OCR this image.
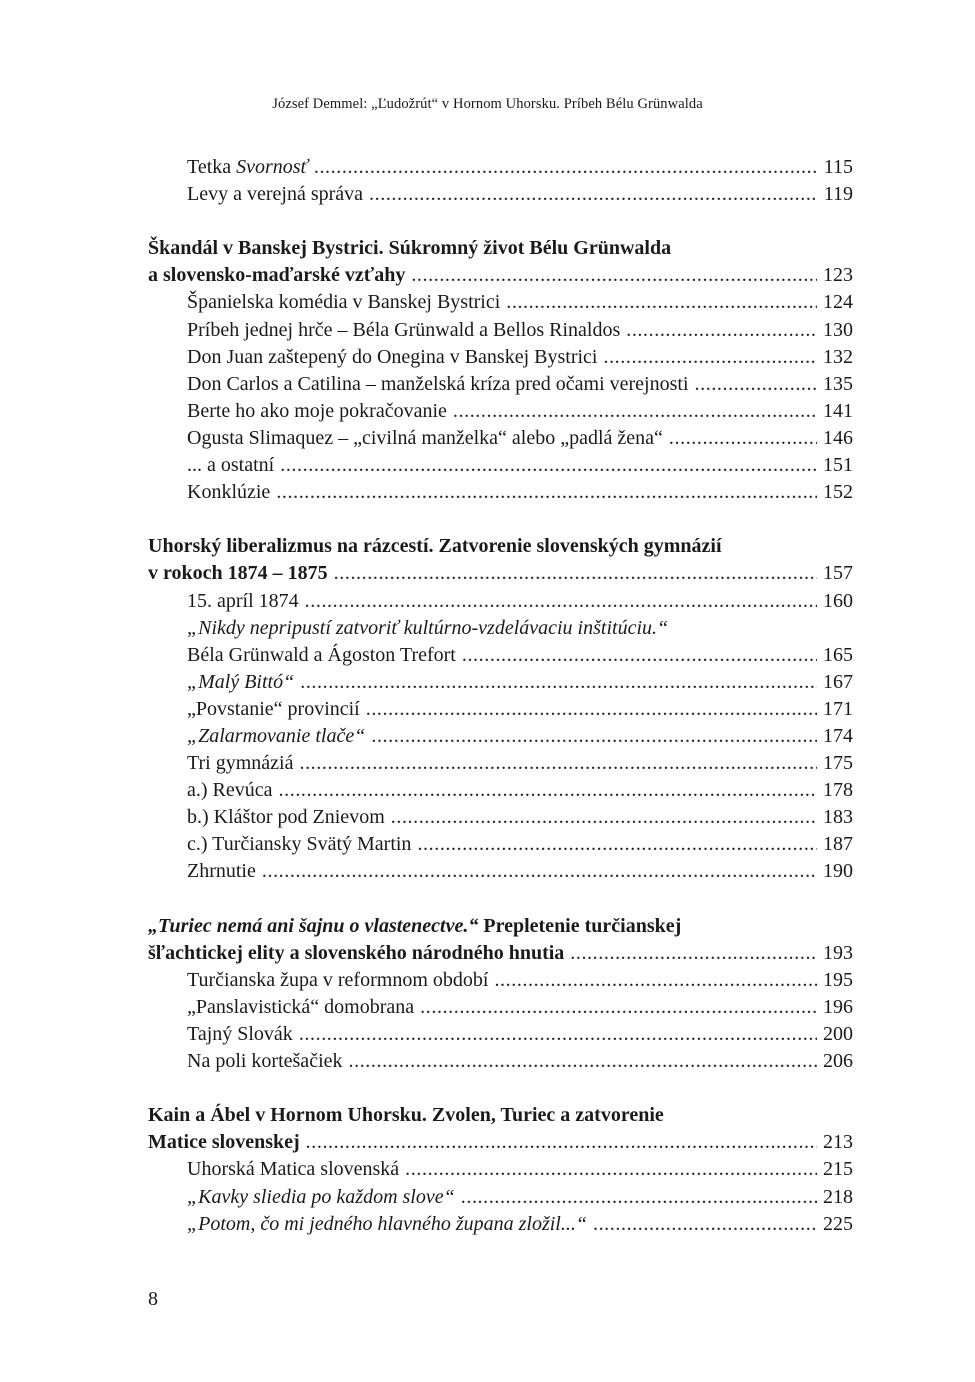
József Demmel: „Ľudožrút“ v Hornom Uhorsku. Príbeh Bélu Grünwalda
Tetka Svornosť .....	115
Levy a verejná správa .....	119
Škandál v Banskej Bystrici. Súkromný život Bélu Grünwalda
a slovensko-maďarské vzťahy .....	123
Španielska komédia v Banskej Bystrici .....	124
Príbeh jednej hrče – Béla Grünwald a Bellos Rinaldos .....	130
Don Juan zaštepený do Onegina v Banskej Bystrici .....	132
Don Carlos a Catilina – manželská kríza pred očami verejnosti .....	135
Berte ho ako moje pokračovanie .....	141
Ogusta Slimaquez – „civilná manželka“ alebo „padlá žena“ .....	146
... a ostatní .....	151
Konklúzie .....	152
Uhorský liberalizmus na rázcestí. Zatvorenie slovenských gymnázií
v rokoch 1874 – 1875 .....	157
15. apríl 1874 .....	160
„Nikdy nepripustí zatvoriť kultúrno-vzdelávaciu inštitúciu.“
Béla Grünwald a Ágoston Trefort .....	165
„Malý Bittó“ .....	167
„Povstanie“ provincií .....	171
„Zalarmovanie tlače“ .....	174
Tri gymnáziá .....	175
a.) Revúca .....	178
b.) Kláštor pod Znievom .....	183
c.) Turčiansky Svätý Martin .....	187
Zhrnutie .....	190
„Turiec nemá ani šajnu o vlastenectve.“ Prepletenie turčianskej
šľachtickej elity a slovenského národného hnutia .....	193
Turčianska župa v reformnom období .....	195
„Panslavistická“ domobrana .....	196
Tajný Slovák .....	200
Na poli kortešačiek .....	206
Kain a Ábel v Hornom Uhorsku. Zvolen, Turiec a zatvorenie
Matice slovenskej .....	213
Uhorská Matica slovenská .....	215
„Kavky sliedia po každom slove“ .....	218
„Potom, čo mi jedného hlavného župana zložil...“ .....	225
8
